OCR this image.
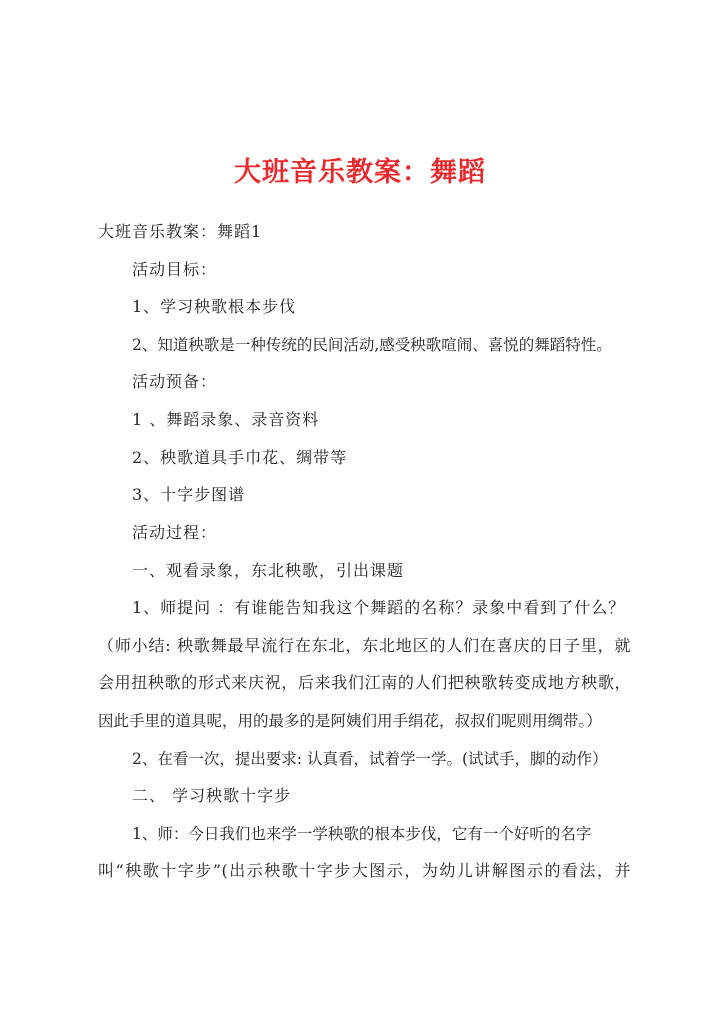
大班音乐教案：舞蹈
大班音乐教案：舞蹈1
活动目标：
1、学习秧歌根本步伐
2、知道秧歌是一种传统的民间活动,感受秧歌喧闹、喜悦的舞蹈特性。
活动预备：
1 、舞蹈录象、录音资料
2、秧歌道具手巾花、绸带等
3、十字步图谱
活动过程：
一、观看录象，东北秧歌，引出课题
1、师提问 ：有谁能告知我这个舞蹈的名称？录象中看到了什么？
（师小结: 秧歌舞最早流行在东北，东北地区的人们在喜庆的日子里，就
会用扭秧歌的形式来庆祝，后来我们江南的人们把秧歌转变成地方秧歌，
因此手里的道具呢，用的最多的是阿姨们用手绢花，叔叔们呢则用绸带。）
2、在看一次，提出要求: 认真看，试着学一学。(试试手，脚的动作）
二、 学习秧歌十字步
1、师：今日我们也来学一学秧歌的根本步伐，它有一个好听的名字
叫“秧歌十字步”(出示秧歌十字步大图示，为幼儿讲解图示的看法，并
